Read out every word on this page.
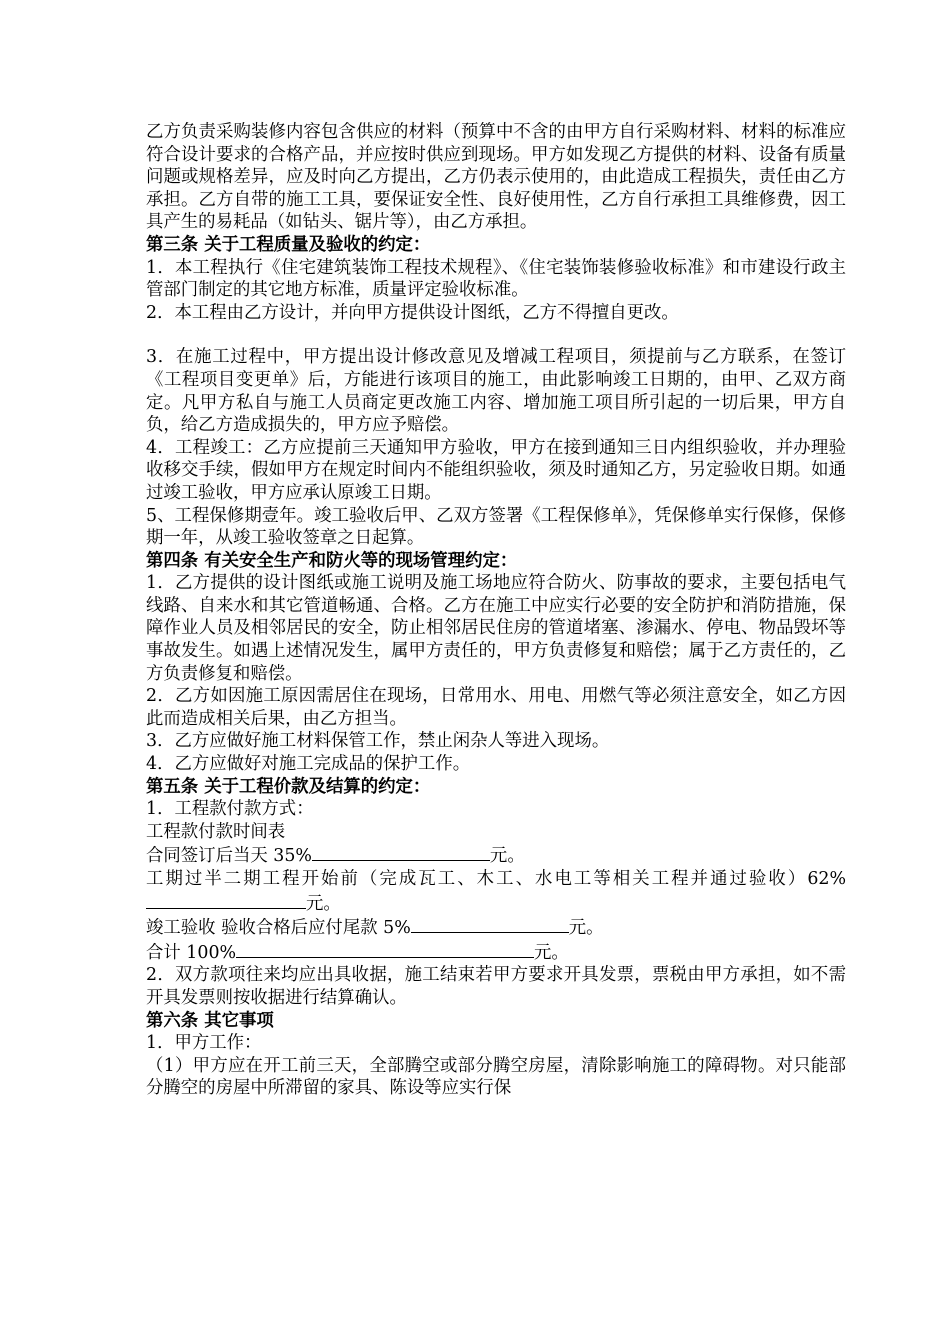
乙方负责采购装修内容包含供应的材料（预算中不含的由甲方自行采购材料、材料的标准应符合设计要求的合格产品，并应按时供应到现场。甲方如发现乙方提供的材料、设备有质量问题或规格差异，应及时向乙方提出，乙方仍表示使用的，由此造成工程损失，责任由乙方承担。乙方自带的施工工具，要保证安全性、良好使用性，乙方自行承担工具维修费，因工具产生的易耗品（如钻头、锯片等），由乙方承担。

第三条 关于工程质量及验收的约定：

1．本工程执行《住宅建筑装饰工程技术规程》、《住宅装饰装修验收标准》和市建设行政主管部门制定的其它地方标准，质量评定验收标准。

2．本工程由乙方设计，并向甲方提供设计图纸，乙方不得擅自更改。

3．在施工过程中，甲方提出设计修改意见及增减工程项目，须提前与乙方联系，在签订《工程项目变更单》后，方能进行该项目的施工，由此影响竣工日期的，由甲、乙双方商定。凡甲方私自与施工人员商定更改施工内容、增加施工项目所引起的一切后果，甲方自负，给乙方造成损失的，甲方应予赔偿。

4．工程竣工：乙方应提前三天通知甲方验收，甲方在接到通知三日内组织验收，并办理验收移交手续，假如甲方在规定时间内不能组织验收，须及时通知乙方，另定验收日期。如通过竣工验收，甲方应承认原竣工日期。

5、工程保修期壹年。竣工验收后甲、乙双方签署《工程保修单》，凭保修单实行保修，保修期一年，从竣工验收签章之日起算。

第四条 有关安全生产和防火等的现场管理约定：

1．乙方提供的设计图纸或施工说明及施工场地应符合防火、防事故的要求，主要包括电气线路、自来水和其它管道畅通、合格。乙方在施工中应实行必要的安全防护和消防措施，保障作业人员及相邻居民的安全，防止相邻居民住房的管道堵塞、渗漏水、停电、物品毁坏等事故发生。如遇上述情况发生，属甲方责任的，甲方负责修复和赔偿；属于乙方责任的，乙方负责修复和赔偿。

2．乙方如因施工原因需居住在现场，日常用水、用电、用燃气等必须注意安全，如乙方因此而造成相关后果，由乙方担当。

3．乙方应做好施工材料保管工作，禁止闲杂人等进入现场。

4．乙方应做好对施工完成品的保护工作。

第五条 关于工程价款及结算的约定：

1．工程款付款方式：

工程款付款时间表

合同签订后当天 35%	元。

工期过半二期工程开始前（完成瓦工、木工、水电工等相关工程并通过验收）62% 元。

竣工验收 验收合格后应付尾款 5%	元。

合计 100%	元。

2．双方款项往来均应出具收据，施工结束若甲方要求开具发票，票税由甲方承担，如不需开具发票则按收据进行结算确认。

第六条 其它事项

1．甲方工作：

（1）甲方应在开工前三天，全部腾空或部分腾空房屋，清除影响施工的障碍物。对只能部分腾空的房屋中所滞留的家具、陈设等应实行保
